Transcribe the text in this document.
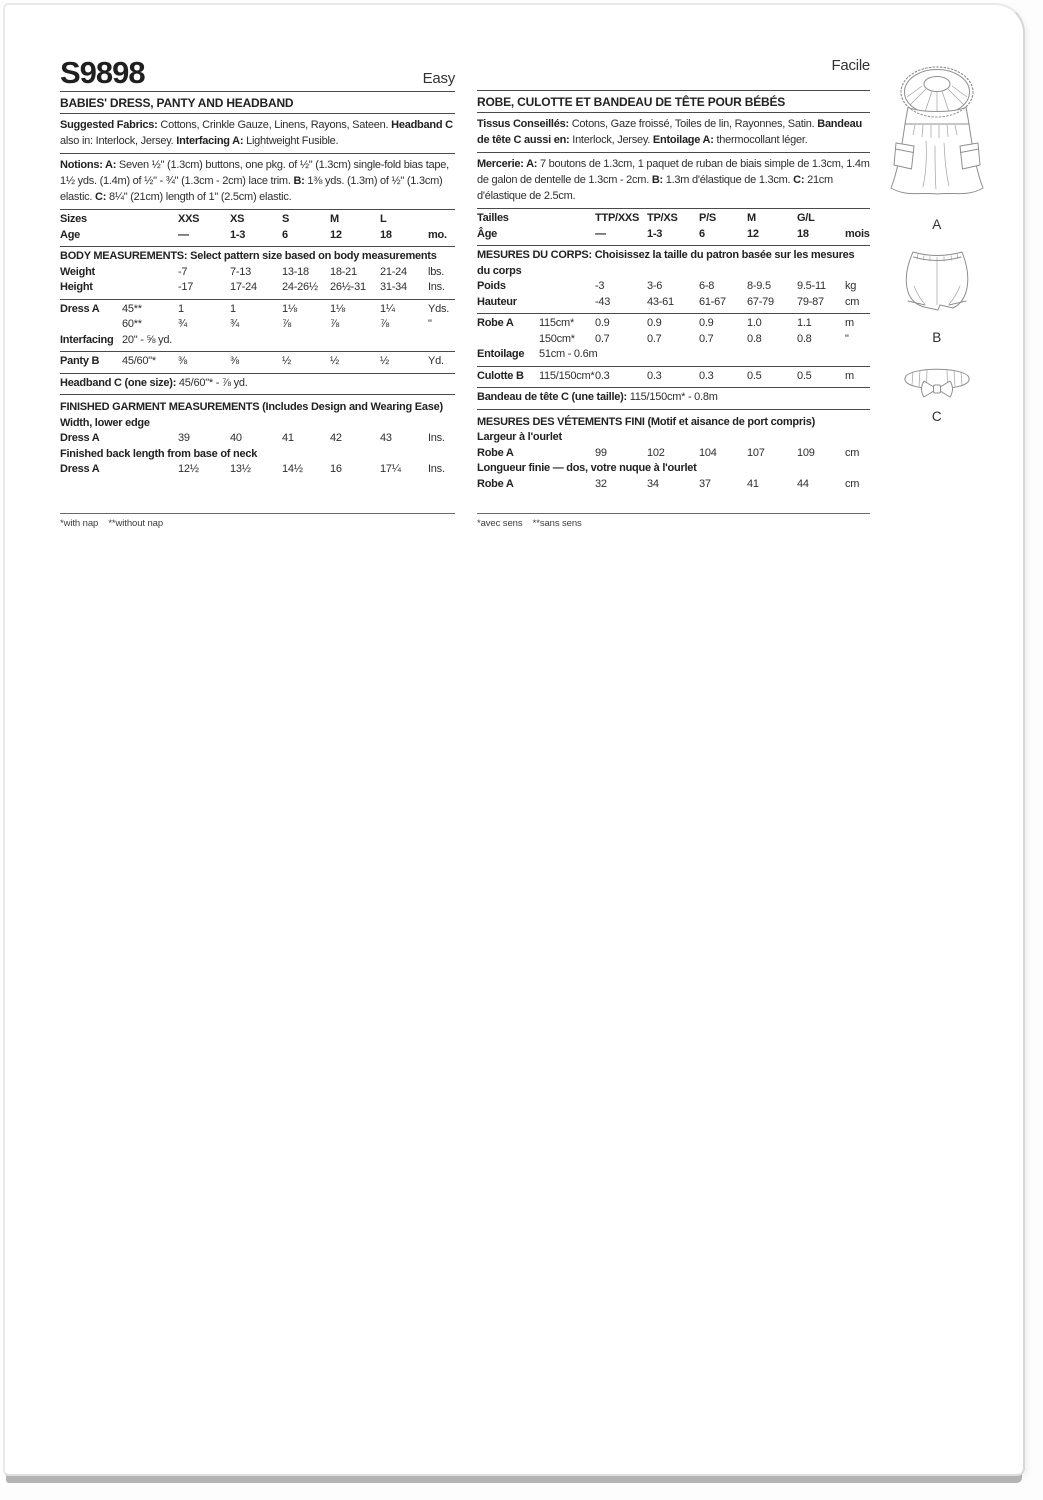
S9898	Easy
BABIES' DRESS, PANTY AND HEADBAND
Suggested Fabrics: Cottons, Crinkle Gauze, Linens, Rayons, Sateen. Headband C also in: Interlock, Jersey. Interfacing A: Lightweight Fusible.
Notions: A: Seven ½" (1.3cm) buttons, one pkg. of ½" (1.3cm) single-fold bias tape, 1½ yds. (1.4m) of ½" - ¾" (1.3cm - 2cm) lace trim. B: 1⅜ yds. (1.3m) of ½" (1.3cm) elastic. C: 8¼" (21cm) length of 1" (2.5cm) elastic.
Sizes	XXS	XS	S	M	L
Age	—	1-3	6	12	18	mo.
BODY MEASUREMENTS: Select pattern size based on body measurements
Weight	-7	7-13	13-18	18-21	21-24	lbs.
Height	-17	17-24	24-26½	26½-31	31-34	Ins.
Dress A	45**	1	1	1⅛	1⅛	1¼	Yds.
60**	¾	¾	⅞	⅞	⅞	"
Interfacing 20" - ⅝ yd.
Panty B	45/60"*	⅜	⅜	½	½	½	Yd.
Headband C (one size): 45/60"* - ⅞ yd.
FINISHED GARMENT MEASUREMENTS (Includes Design and Wearing Ease)
Width, lower edge
Dress A	39	40	41	42	43	Ins.
Finished back length from base of neck
Dress A	12½	13½	14½	16	17¼	Ins.
*with nap    **without nap
Facile
ROBE, CULOTTE ET BANDEAU DE TÊTE POUR BÉBÉS
Tissus Conseillés: Cotons, Gaze froissé, Toiles de lin, Rayonnes, Satin. Bandeau de tête C aussi en: Interlock, Jersey. Entoilage A: thermocollant léger.
Mercerie: A: 7 boutons de 1.3cm, 1 paquet de ruban de biais simple de 1.3cm, 1.4m de galon de dentelle de 1.3cm - 2cm. B: 1.3m d'élastique de 1.3cm. C: 21cm d'élastique de 2.5cm.
Tailles	TTP/XXS TP/XS	P/S	M	G/L
Âge	—	1-3	6	12	18	mois
MESURES DU CORPS: Choisissez la taille du patron basée sur les mesures du corps
Poids	-3	3-6	6-8	8-9.5	9.5-11	kg
Hauteur	-43	43-61	61-67	67-79	79-87	cm
Robe A	115cm*	0.9	0.9	0.9	1.0	1.1	m
150cm*	0.7	0.7	0.7	0.8	0.8	"
Entoilage	51cm - 0.6m
Culotte B	115/150cm* 0.3	0.3	0.3	0.5	0.5	m
Bandeau de tête C (une taille): 115/150cm* - 0.8m
MESURES DES VÉTEMENTS FINI (Motif et aisance de port compris)
Largeur à l'ourlet
Robe A	99	102	104	107	109	cm
Longueur finie — dos, votre nuque à l'ourlet
Robe A	32	34	37	41	44	cm
*avec sens    **sans sens
A
B
C
